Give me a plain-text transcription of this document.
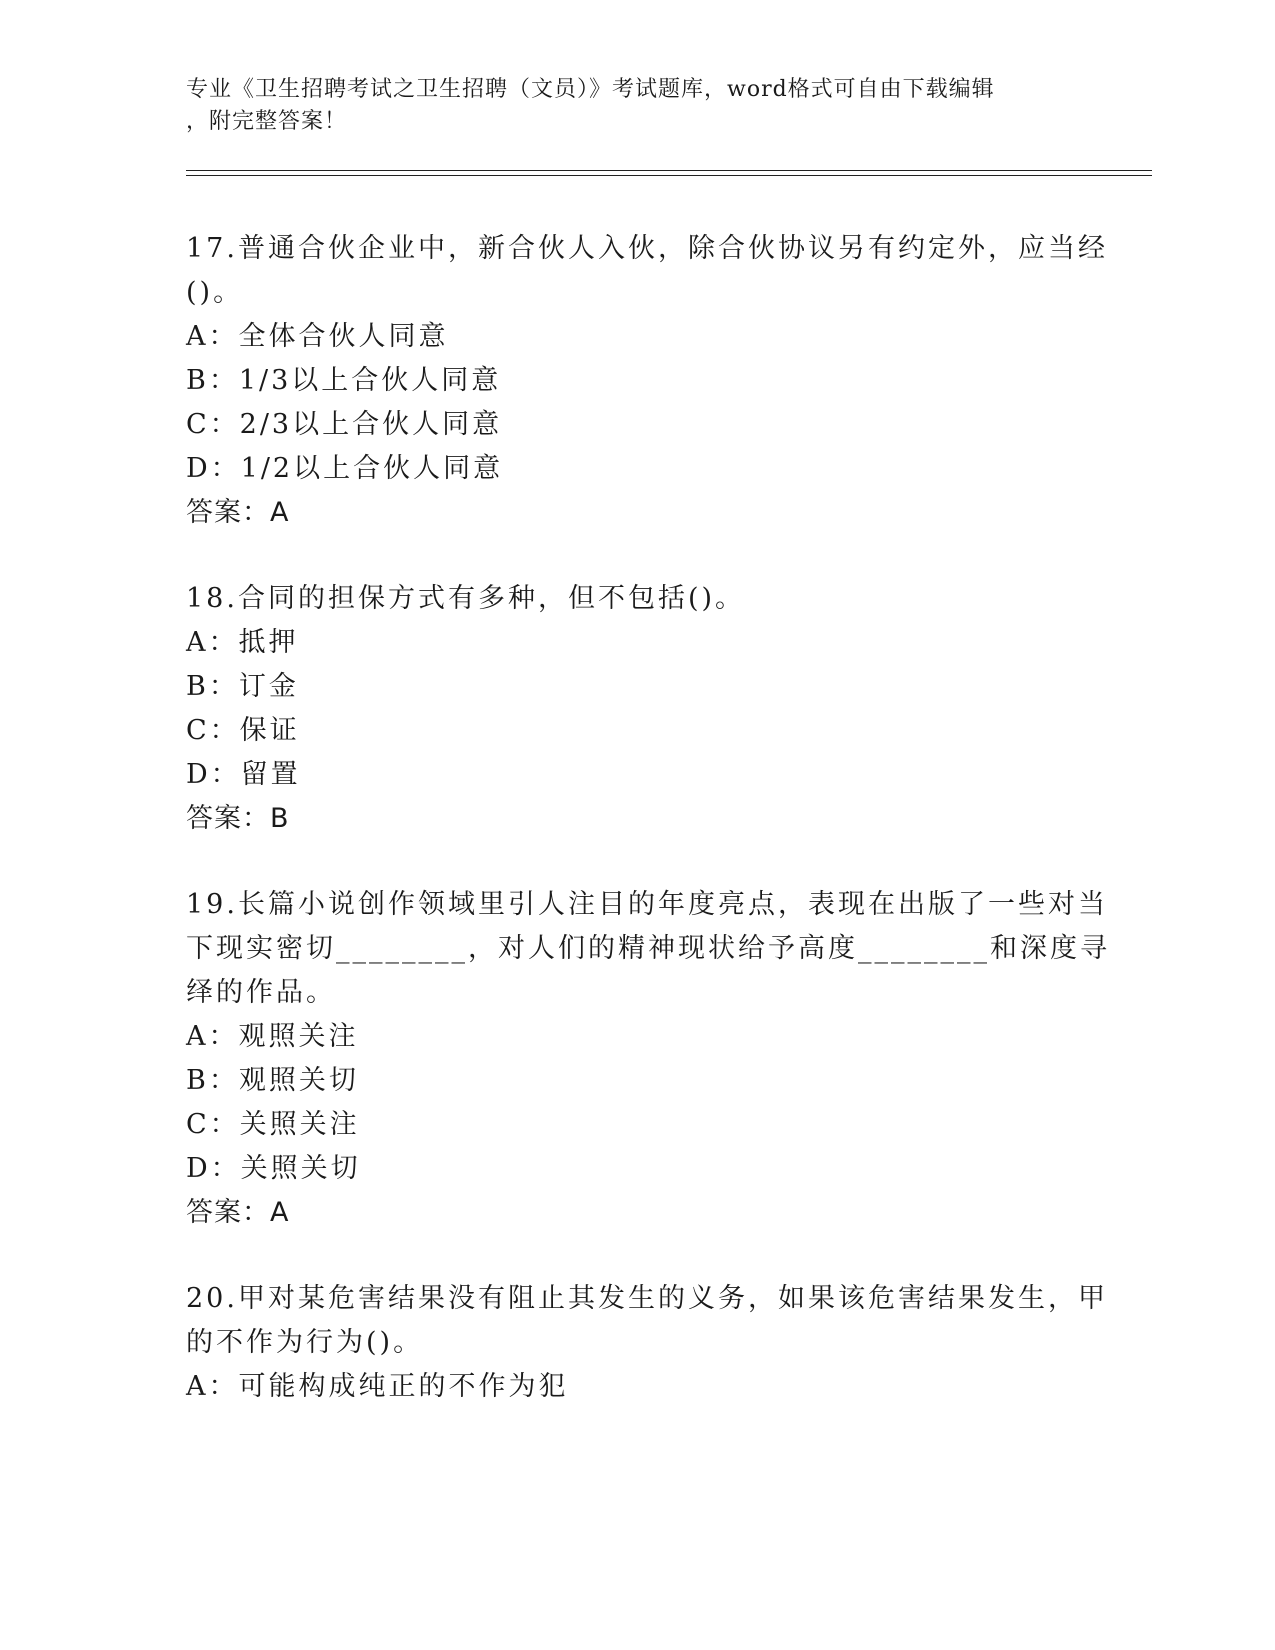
专业《卫生招聘考试之卫生招聘（文员）》考试题库，word格式可自由下载编辑
，附完整答案！
17.普通合伙企业中，新合伙人入伙，除合伙协议另有约定外，应当经
()。
A：全体合伙人同意
B：1/3以上合伙人同意
C：2/3以上合伙人同意
D：1/2以上合伙人同意
答案：A
18.合同的担保方式有多种，但不包括()。
A：抵押
B：订金
C：保证
D：留置
答案：B
19.长篇小说创作领域里引人注目的年度亮点，表现在出版了一些对当
下现实密切________，对人们的精神现状给予高度________和深度寻
绎的作品。
A：观照关注
B：观照关切
C：关照关注
D：关照关切
答案：A
20.甲对某危害结果没有阻止其发生的义务，如果该危害结果发生，甲
的不作为行为()。
A：可能构成纯正的不作为犯
